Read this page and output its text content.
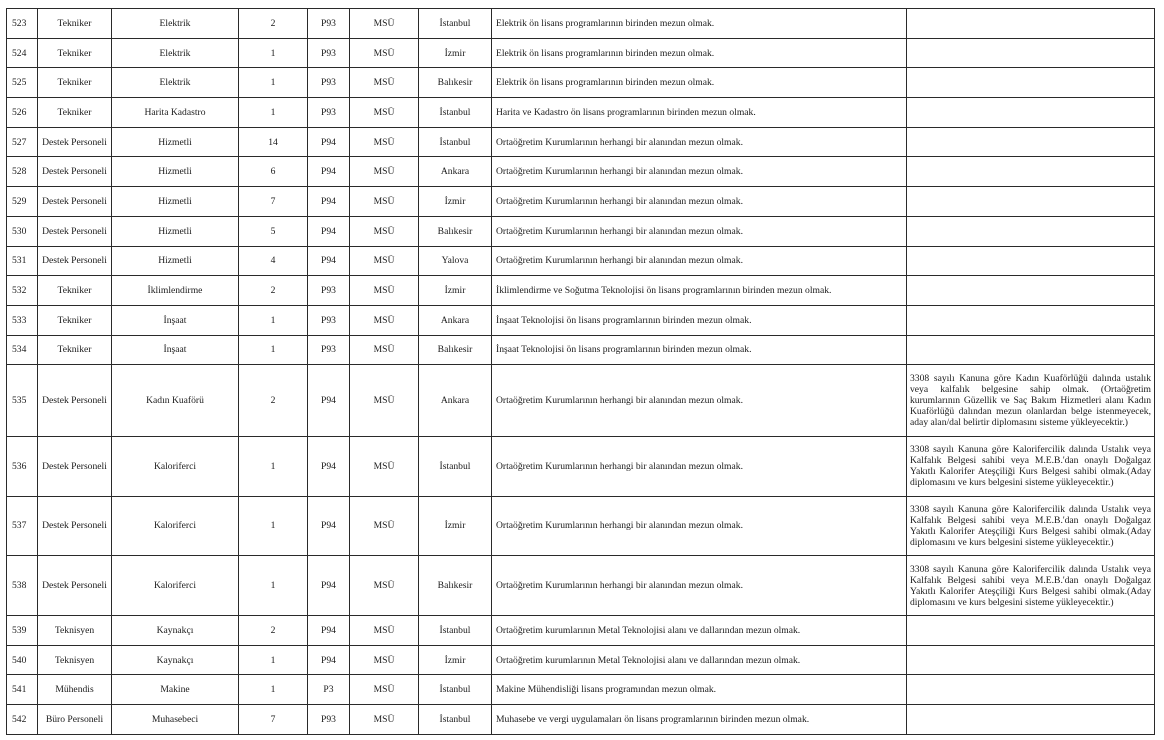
523	Tekniker	Elektrik	2	P93	MSÜ	İstanbul	Elektrik ön lisans programlarının birinden mezun olmak.	
524	Tekniker	Elektrik	1	P93	MSÜ	İzmir	Elektrik ön lisans programlarının birinden mezun olmak.	
525	Tekniker	Elektrik	1	P93	MSÜ	Balıkesir	Elektrik ön lisans programlarının birinden mezun olmak.	
526	Tekniker	Harita Kadastro	1	P93	MSÜ	İstanbul	Harita ve Kadastro ön lisans programlarının birinden mezun olmak.	
527	Destek Personeli	Hizmetli	14	P94	MSÜ	İstanbul	Ortaöğretim Kurumlarının herhangi bir alanından mezun olmak.	
528	Destek Personeli	Hizmetli	6	P94	MSÜ	Ankara	Ortaöğretim Kurumlarının herhangi bir alanından mezun olmak.	
529	Destek Personeli	Hizmetli	7	P94	MSÜ	İzmir	Ortaöğretim Kurumlarının herhangi bir alanından mezun olmak.	
530	Destek Personeli	Hizmetli	5	P94	MSÜ	Balıkesir	Ortaöğretim Kurumlarının herhangi bir alanından mezun olmak.	
531	Destek Personeli	Hizmetli	4	P94	MSÜ	Yalova	Ortaöğretim Kurumlarının herhangi bir alanından mezun olmak.	
532	Tekniker	İklimlendirme	2	P93	MSÜ	İzmir	İklimlendirme ve Soğutma Teknolojisi ön lisans programlarının birinden mezun olmak.	
533	Tekniker	İnşaat	1	P93	MSÜ	Ankara	İnşaat Teknolojisi ön lisans programlarının birinden mezun olmak.	
534	Tekniker	İnşaat	1	P93	MSÜ	Balıkesir	İnşaat Teknolojisi ön lisans programlarının birinden mezun olmak.	
535	Destek Personeli	Kadın Kuaförü	2	P94	MSÜ	Ankara	Ortaöğretim Kurumlarının herhangi bir alanından mezun olmak.	3308 sayılı Kanuna göre Kadın Kuaförlüğü dalında ustalık veya kalfalık belgesine sahip olmak. (Ortaöğretim kurumlarının Güzellik ve Saç Bakım Hizmetleri alanı Kadın Kuaförlüğü dalından mezun olanlardan belge istenmeyecek, aday alan/dal belirtir diplomasını sisteme yükleyecektir.)
536	Destek Personeli	Kaloriferci	1	P94	MSÜ	İstanbul	Ortaöğretim Kurumlarının herhangi bir alanından mezun olmak.	3308 sayılı Kanuna göre Kaloriferc​ilik dalında Ustalık veya Kalfalık Belgesi sahibi veya M.E.B.'dan onaylı Doğalgaz Yakıtlı Kalorifer Ateşçiliği Kurs Belgesi sahibi olmak.(Aday diplomasını ve kurs belgesini sisteme yükleyecektir.)
537	Destek Personeli	Kaloriferci	1	P94	MSÜ	İzmir	Ortaöğretim Kurumlarının herhangi bir alanından mezun olmak.	3308 sayılı Kanuna göre Kaloriferc​ilik dalında Ustalık veya Kalfalık Belgesi sahibi veya M.E.B.'dan onaylı Doğalgaz Yakıtlı Kalorifer Ateşçiliği Kurs Belgesi sahibi olmak.(Aday diplomasını ve kurs belgesini sisteme yükleyecektir.)
538	Destek Personeli	Kaloriferci	1	P94	MSÜ	Balıkesir	Ortaöğretim Kurumlarının herhangi bir alanından mezun olmak.	3308 sayılı Kanuna göre Kaloriferc​ilik dalında Ustalık veya Kalfalık Belgesi sahibi veya M.E.B.'dan onaylı Doğalgaz Yakıtlı Kalorifer Ateşçiliği Kurs Belgesi sahibi olmak.(Aday diplomasını ve kurs belgesini sisteme yükleyecektir.)
539	Teknisyen	Kaynakçı	2	P94	MSÜ	İstanbul	Ortaöğretim kurumlarının Metal Teknolojisi alanı ve dallarından mezun olmak.	
540	Teknisyen	Kaynakçı	1	P94	MSÜ	İzmir	Ortaöğretim kurumlarının Metal Teknolojisi alanı ve dallarından mezun olmak.	
541	Mühendis	Makine	1	P3	MSÜ	İstanbul	Makine Mühendisliği lisans programından mezun olmak.	
542	Büro Personeli	Muhasebeci	7	P93	MSÜ	İstanbul	Muhasebe ve vergi uygulamaları ön lisans programlarının birinden mezun olmak.	
